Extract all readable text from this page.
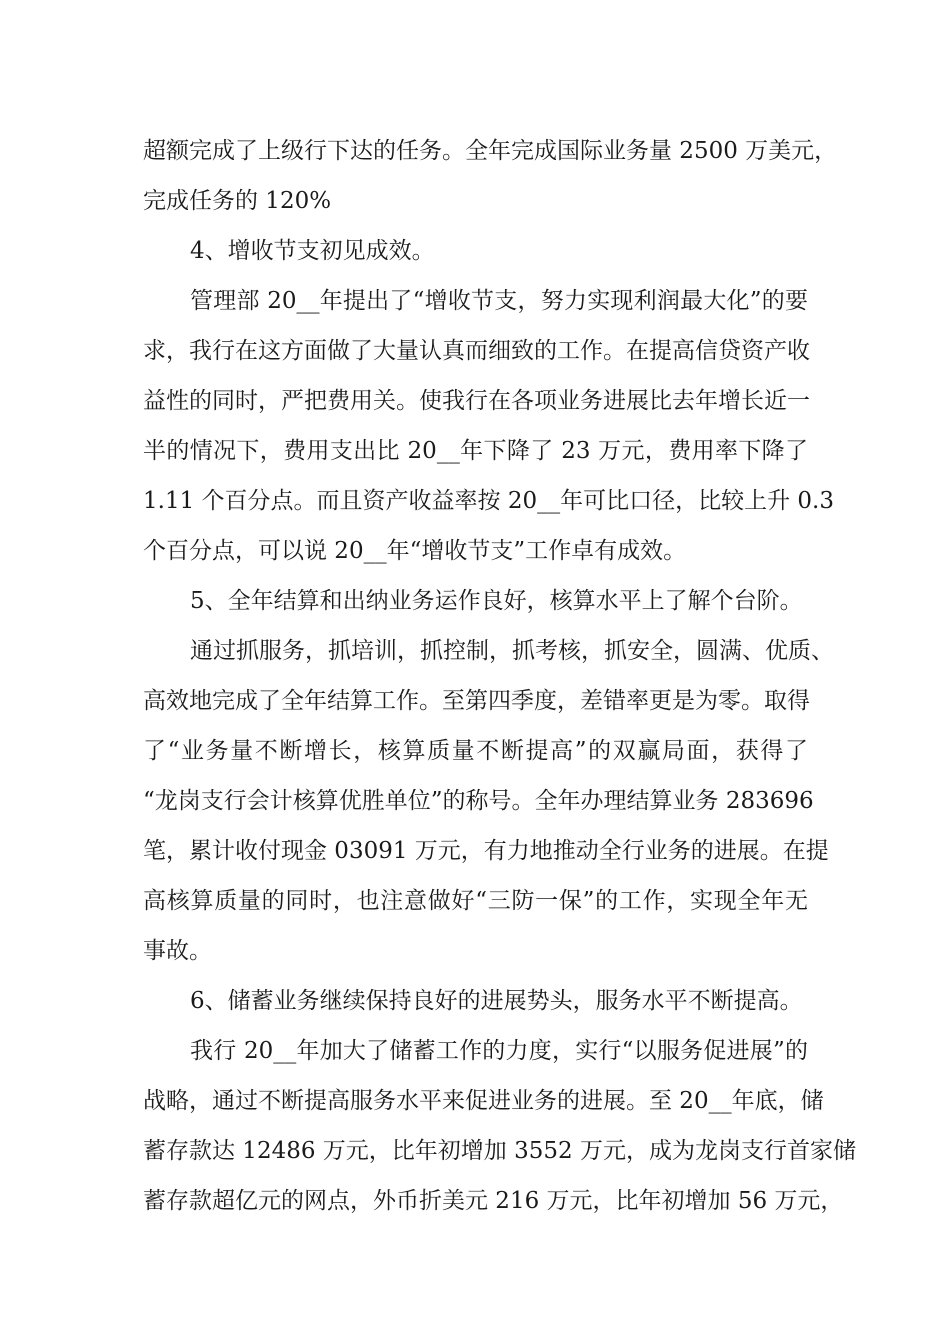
超额完成了上级行下达的任务。全年完成国际业务量 2500 万美元，
完成任务的 120%
4、增收节支初见成效。
管理部 20__年提出了“增收节支，努力实现利润最大化”的要
求，我行在这方面做了大量认真而细致的工作。在提高信贷资产收
益性的同时，严把费用关。使我行在各项业务进展比去年增长近一
半的情况下，费用支出比 20__年下降了 23 万元，费用率下降了
1.11 个百分点。而且资产收益率按 20__年可比口径，比较上升 0.3
个百分点，可以说 20__年“增收节支”工作卓有成效。
5、全年结算和出纳业务运作良好，核算水平上了解个台阶。
通过抓服务，抓培训，抓控制，抓考核，抓安全，圆满、优质、
高效地完成了全年结算工作。至第四季度，差错率更是为零。取得
了“业务量不断增长，核算质量不断提高”的双赢局面，获得了
“龙岗支行会计核算优胜单位”的称号。全年办理结算业务 283696
笔，累计收付现金 03091 万元，有力地推动全行业务的进展。在提
高核算质量的同时，也注意做好“三防一保”的工作，实现全年无
事故。
6、储蓄业务继续保持良好的进展势头，服务水平不断提高。
我行 20__年加大了储蓄工作的力度，实行“以服务促进展”的
战略，通过不断提高服务水平来促进业务的进展。至 20__年底，储
蓄存款达 12486 万元，比年初增加 3552 万元，成为龙岗支行首家储
蓄存款超亿元的网点，外币折美元 216 万元，比年初增加 56 万元，
